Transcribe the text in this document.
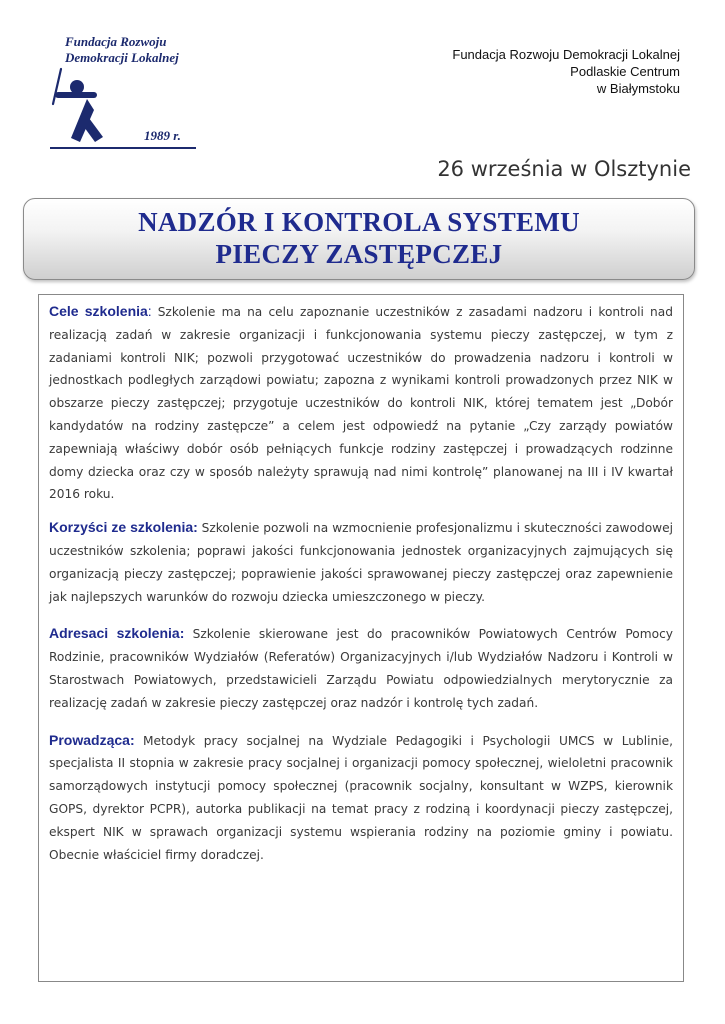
Fundacja Rozwoju
Demokracji Lokalnej
1989 r.
Fundacja Rozwoju Demokracji Lokalnej
Podlaskie Centrum
w Białymstoku
26 września w Olsztynie
NADZÓR I KONTROLA SYSTEMU
PIECZY ZASTĘPCZEJ

Cele szkolenia: Szkolenie ma na celu zapoznanie uczestników z zasadami nadzoru i kontroli nad realizacją zadań w zakresie organizacji i funkcjonowania systemu pieczy zastępczej, w tym z zadaniami kontroli NIK; pozwoli przygotować uczestników do prowadzenia nadzoru i kontroli w jednostkach podległych zarządowi powiatu; zapozna z wynikami kontroli prowadzonych przez NIK w obszarze pieczy zastępczej; przygotuje uczestników do kontroli NIK, której tematem jest „Dobór kandydatów na rodziny zastępcze” a celem jest odpowiedź na pytanie „Czy zarządy powiatów zapewniają właściwy dobór osób pełniących funkcje rodziny zastępczej i prowadzących rodzinne domy dziecka oraz czy w sposób należyty sprawują nad nimi kontrolę” planowanej na III i IV kwartał 2016 roku.

Korzyści ze szkolenia: Szkolenie pozwoli na wzmocnienie profesjonalizmu i skuteczności zawodowej uczestników szkolenia; poprawi jakości funkcjonowania jednostek organizacyjnych zajmujących się organizacją pieczy zastępczej; poprawienie jakości sprawowanej pieczy zastępczej oraz zapewnienie jak najlepszych warunków do rozwoju dziecka umieszczonego w pieczy.

Adresaci szkolenia: Szkolenie skierowane jest do pracowników Powiatowych Centrów Pomocy Rodzinie, pracowników Wydziałów (Referatów) Organizacyjnych i/lub Wydziałów Nadzoru i Kontroli w Starostwach Powiatowych, przedstawicieli Zarządu Powiatu odpowiedzialnych merytorycznie za realizację zadań w zakresie pieczy zastępczej oraz nadzór i kontrolę tych zadań.

Prowadząca: Metodyk pracy socjalnej na Wydziale Pedagogiki i Psychologii UMCS w Lublinie, specjalista II stopnia w zakresie pracy socjalnej i organizacji pomocy społecznej, wieloletni pracownik samorządowych instytucji pomocy społecznej (pracownik socjalny, konsultant w WZPS, kierownik GOPS, dyrektor PCPR), autorka publikacji na temat pracy z rodziną i koordynacji pieczy zastępczej, ekspert NIK w sprawach organizacji systemu wspierania rodziny na poziomie gminy i powiatu. Obecnie właściciel firmy doradczej.
